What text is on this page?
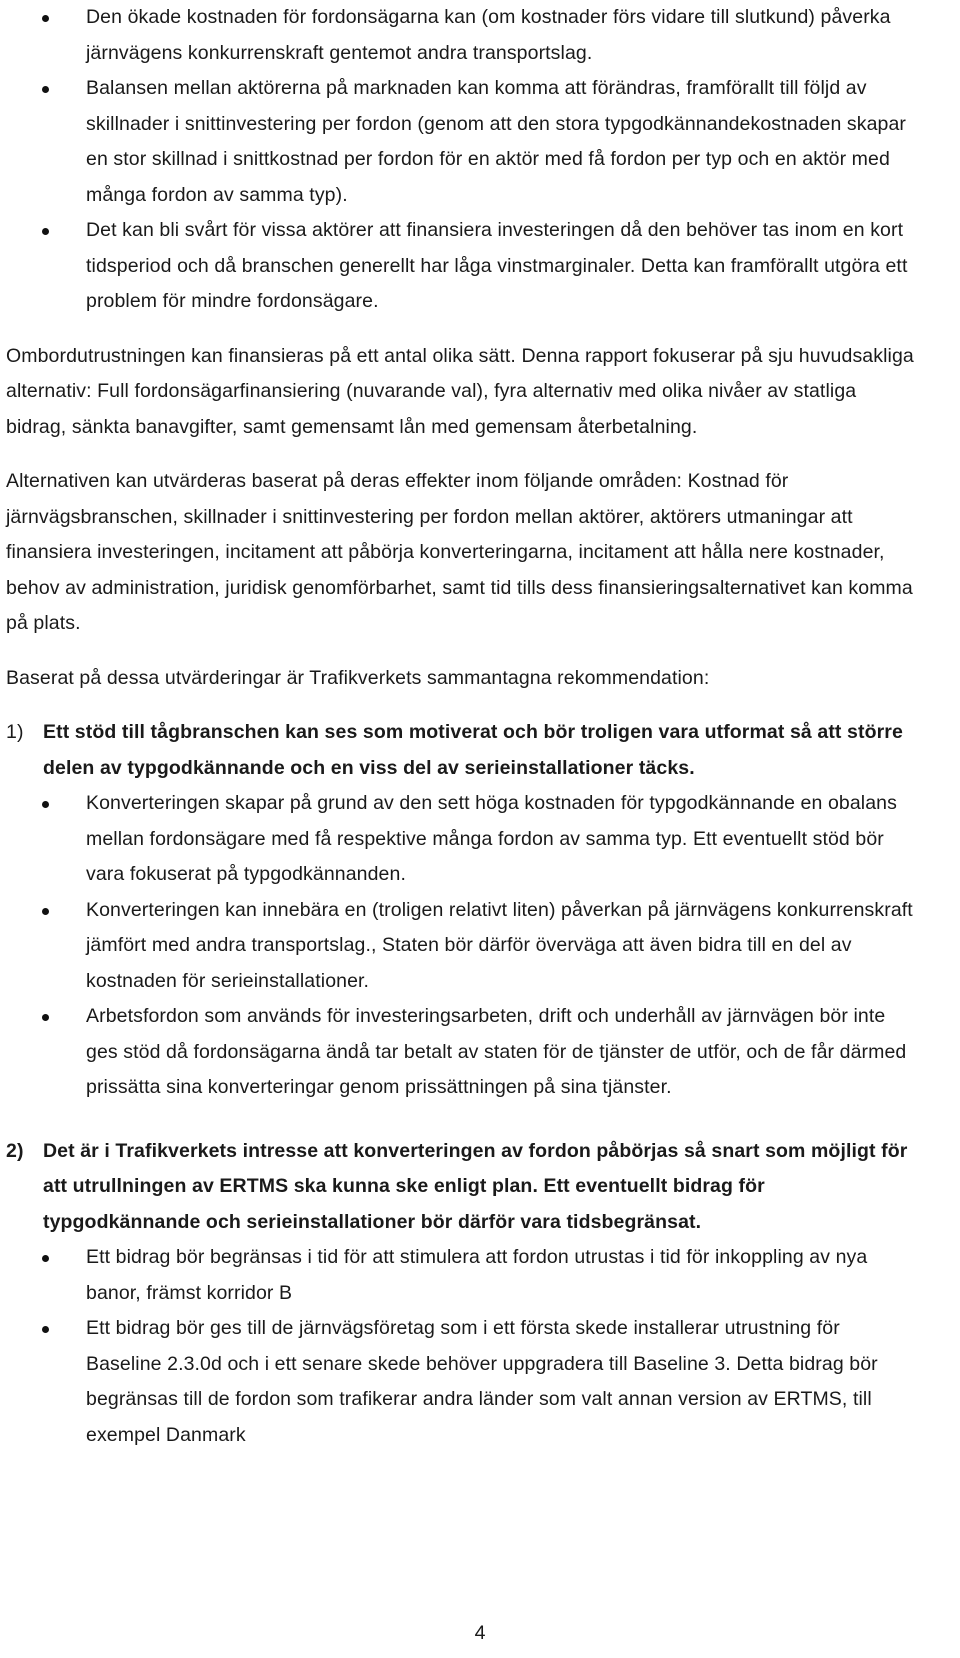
Den ökade kostnaden för fordonsägarna kan (om kostnader förs vidare till slutkund) påverka järnvägens konkurrenskraft gentemot andra transportslag.
Balansen mellan aktörerna på marknaden kan komma att förändras, framförallt till följd av skillnader i snittinvestering per fordon (genom att den stora typgodkännandekostnaden skapar en stor skillnad i snittkostnad per fordon för en aktör med få fordon per typ och en aktör med många fordon av samma typ).
Det kan bli svårt för vissa aktörer att finansiera investeringen då den behöver tas inom en kort tidsperiod och då branschen generellt har låga vinstmarginaler. Detta kan framförallt utgöra ett problem för mindre fordonsägare.

Ombordutrustningen kan finansieras på ett antal olika sätt. Denna rapport fokuserar på sju huvudsakliga alternativ: Full fordonsägarfinansiering (nuvarande val), fyra alternativ med olika nivåer av statliga bidrag, sänkta banavgifter, samt gemensamt lån med gemensam återbetalning.

Alternativen kan utvärderas baserat på deras effekter inom följande områden: Kostnad för järnvägsbranschen, skillnader i snittinvestering per fordon mellan aktörer, aktörers utmaningar att finansiera investeringen, incitament att påbörja konverteringarna, incitament att hålla nere kostnader, behov av administration, juridisk genomförbarhet, samt tid tills dess finansieringsalternativet kan komma på plats.

Baserat på dessa utvärderingar är Trafikverkets sammantagna rekommendation:

1) Ett stöd till tågbranschen kan ses som motiverat och bör troligen vara utformat så att större delen av typgodkännande och en viss del av serieinstallationer täcks.
Konverteringen skapar på grund av den sett höga kostnaden för typgodkännande en obalans mellan fordonsägare med få respektive många fordon av samma typ. Ett eventuellt stöd bör vara fokuserat på typgodkännanden.
Konverteringen kan innebära en (troligen relativt liten) påverkan på järnvägens konkurrenskraft jämfört med andra transportslag., Staten bör därför överväga att även bidra till en del av kostnaden för serieinstallationer.
Arbetsfordon som används för investeringsarbeten, drift och underhåll av järnvägen bör inte ges stöd då fordonsägarna ändå tar betalt av staten för de tjänster de utför, och de får därmed prissätta sina konverteringar genom prissättningen på sina tjänster.
2) Det är i Trafikverkets intresse att konverteringen av fordon påbörjas så snart som möjligt för att utrullningen av ERTMS ska kunna ske enligt plan. Ett eventuellt bidrag för typgodkännande och serieinstallationer bör därför vara tidsbegränsat.
Ett bidrag bör begränsas i tid för att stimulera att fordon utrustas i tid för inkoppling av nya banor, främst korridor B
Ett bidrag bör ges till de järnvägsföretag som i ett första skede installerar utrustning för Baseline 2.3.0d och i ett senare skede behöver uppgradera till Baseline 3. Detta bidrag bör begränsas till de fordon som trafikerar andra länder som valt annan version av ERTMS, till exempel Danmark
4
